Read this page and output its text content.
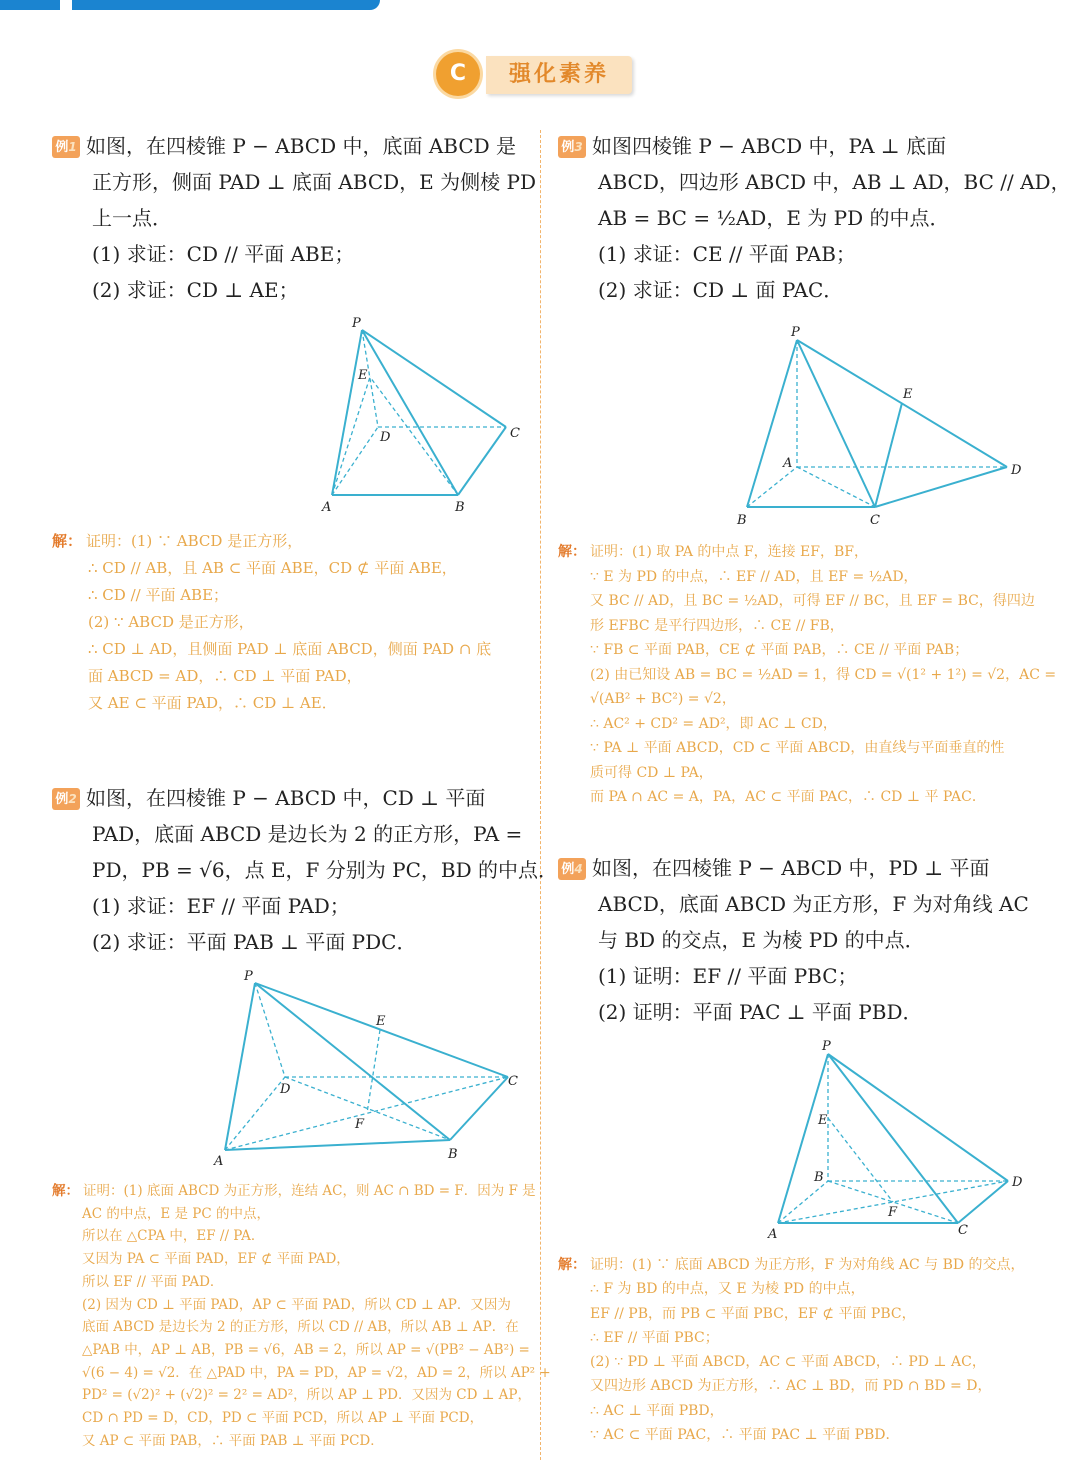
C	强化素养
例1 如图，在四棱锥 P − ABCD 中，底面 ABCD 是
正方形，侧面 PAD ⊥ 底面 ABCD，E 为侧棱 PD
上一点．
(1) 求证：CD // 平面 ABE；
(2) 求证：CD ⊥ AE；
P
E
D	C
A	B
解： 证明：(1) ∵ ABCD 是正方形，
∴ CD // AB，且 AB ⊂ 平面 ABE，CD ⊄ 平面 ABE，
∴ CD // 平面 ABE；
(2) ∵ ABCD 是正方形，
∴ CD ⊥ AD，且侧面 PAD ⊥ 底面 ABCD，侧面 PAD ∩ 底
面 ABCD = AD，∴ CD ⊥ 平面 PAD，
又 AE ⊂ 平面 PAD，∴ CD ⊥ AE．
例2 如图，在四棱锥 P − ABCD 中，CD ⊥ 平面
PAD，底面 ABCD 是边长为 2 的正方形，PA =
PD，PB = √6，点 E，F 分别为 PC，BD 的中点．
(1) 求证：EF // 平面 PAD；
(2) 求证：平面 PAB ⊥ 平面 PDC．
P
E
D
C
F
A	B
解： 证明：(1) 底面 ABCD 为正方形，连结 AC，则 AC ∩ BD = F．因为 F 是
AC 的中点，E 是 PC 的中点，
所以在 △CPA 中，EF // PA．
又因为 PA ⊂ 平面 PAD，EF ⊄ 平面 PAD，
所以 EF // 平面 PAD．
(2) 因为 CD ⊥ 平面 PAD，AP ⊂ 平面 PAD，所以 CD ⊥ AP．又因为
底面 ABCD 是边长为 2 的正方形，所以 CD // AB，所以 AB ⊥ AP．在
△PAB 中，AP ⊥ AB，PB = √6，AB = 2，所以 AP = √(PB² − AB²) =
√(6 − 4) = √2．在 △PAD 中，PA = PD，AP = √2，AD = 2，所以 AP² +
PD² = (√2)² + (√2)² = 2² = AD²，所以 AP ⊥ PD．又因为 CD ⊥ AP，
CD ∩ PD = D，CD，PD ⊂ 平面 PCD，所以 AP ⊥ 平面 PCD，
又 AP ⊂ 平面 PAB，∴ 平面 PAB ⊥ 平面 PCD．
例3 如图四棱锥 P − ABCD 中，PA ⊥ 底面
ABCD，四边形 ABCD 中，AB ⊥ AD，BC // AD，
AB = BC = ½AD，E 为 PD 的中点．
(1) 求证：CE // 平面 PAB；
(2) 求证：CD ⊥ 面 PAC．
P
E
A	D
B	C
解： 证明：(1) 取 PA 的中点 F，连接 EF，BF，
∵ E 为 PD 的中点，∴ EF // AD，且 EF = ½AD，
又 BC // AD，且 BC = ½AD，可得 EF // BC，且 EF = BC，得四边
形 EFBC 是平行四边形，∴ CE // FB，
∵ FB ⊂ 平面 PAB，CE ⊄ 平面 PAB，∴ CE // 平面 PAB；
(2) 由已知设 AB = BC = ½AD = 1，得 CD = √(1² + 1²) = √2，AC =
√(AB² + BC²) = √2，
∴ AC² + CD² = AD²，即 AC ⊥ CD，
∵ PA ⊥ 平面 ABCD，CD ⊂ 平面 ABCD，由直线与平面垂直的性
质可得 CD ⊥ PA，
而 PA ∩ AC = A，PA，AC ⊂ 平面 PAC，∴ CD ⊥ 平 PAC．
例4 如图，在四棱锥 P − ABCD 中，PD ⊥ 平面
ABCD，底面 ABCD 为正方形，F 为对角线 AC
与 BD 的交点，E 为棱 PD 的中点．
(1) 证明：EF // 平面 PBC；
(2) 证明：平面 PAC ⊥ 平面 PBD．
P
E
B	D
F
A	C
解： 证明：(1) ∵ 底面 ABCD 为正方形，F 为对角线 AC 与 BD 的交点，
∴ F 为 BD 的中点，又 E 为棱 PD 的中点，
EF // PB，而 PB ⊂ 平面 PBC，EF ⊄ 平面 PBC，
∴ EF // 平面 PBC；
(2) ∵ PD ⊥ 平面 ABCD，AC ⊂ 平面 ABCD，∴ PD ⊥ AC，
又四边形 ABCD 为正方形，∴ AC ⊥ BD，而 PD ∩ BD = D，
∴ AC ⊥ 平面 PBD，
∵ AC ⊂ 平面 PAC，∴ 平面 PAC ⊥ 平面 PBD．
